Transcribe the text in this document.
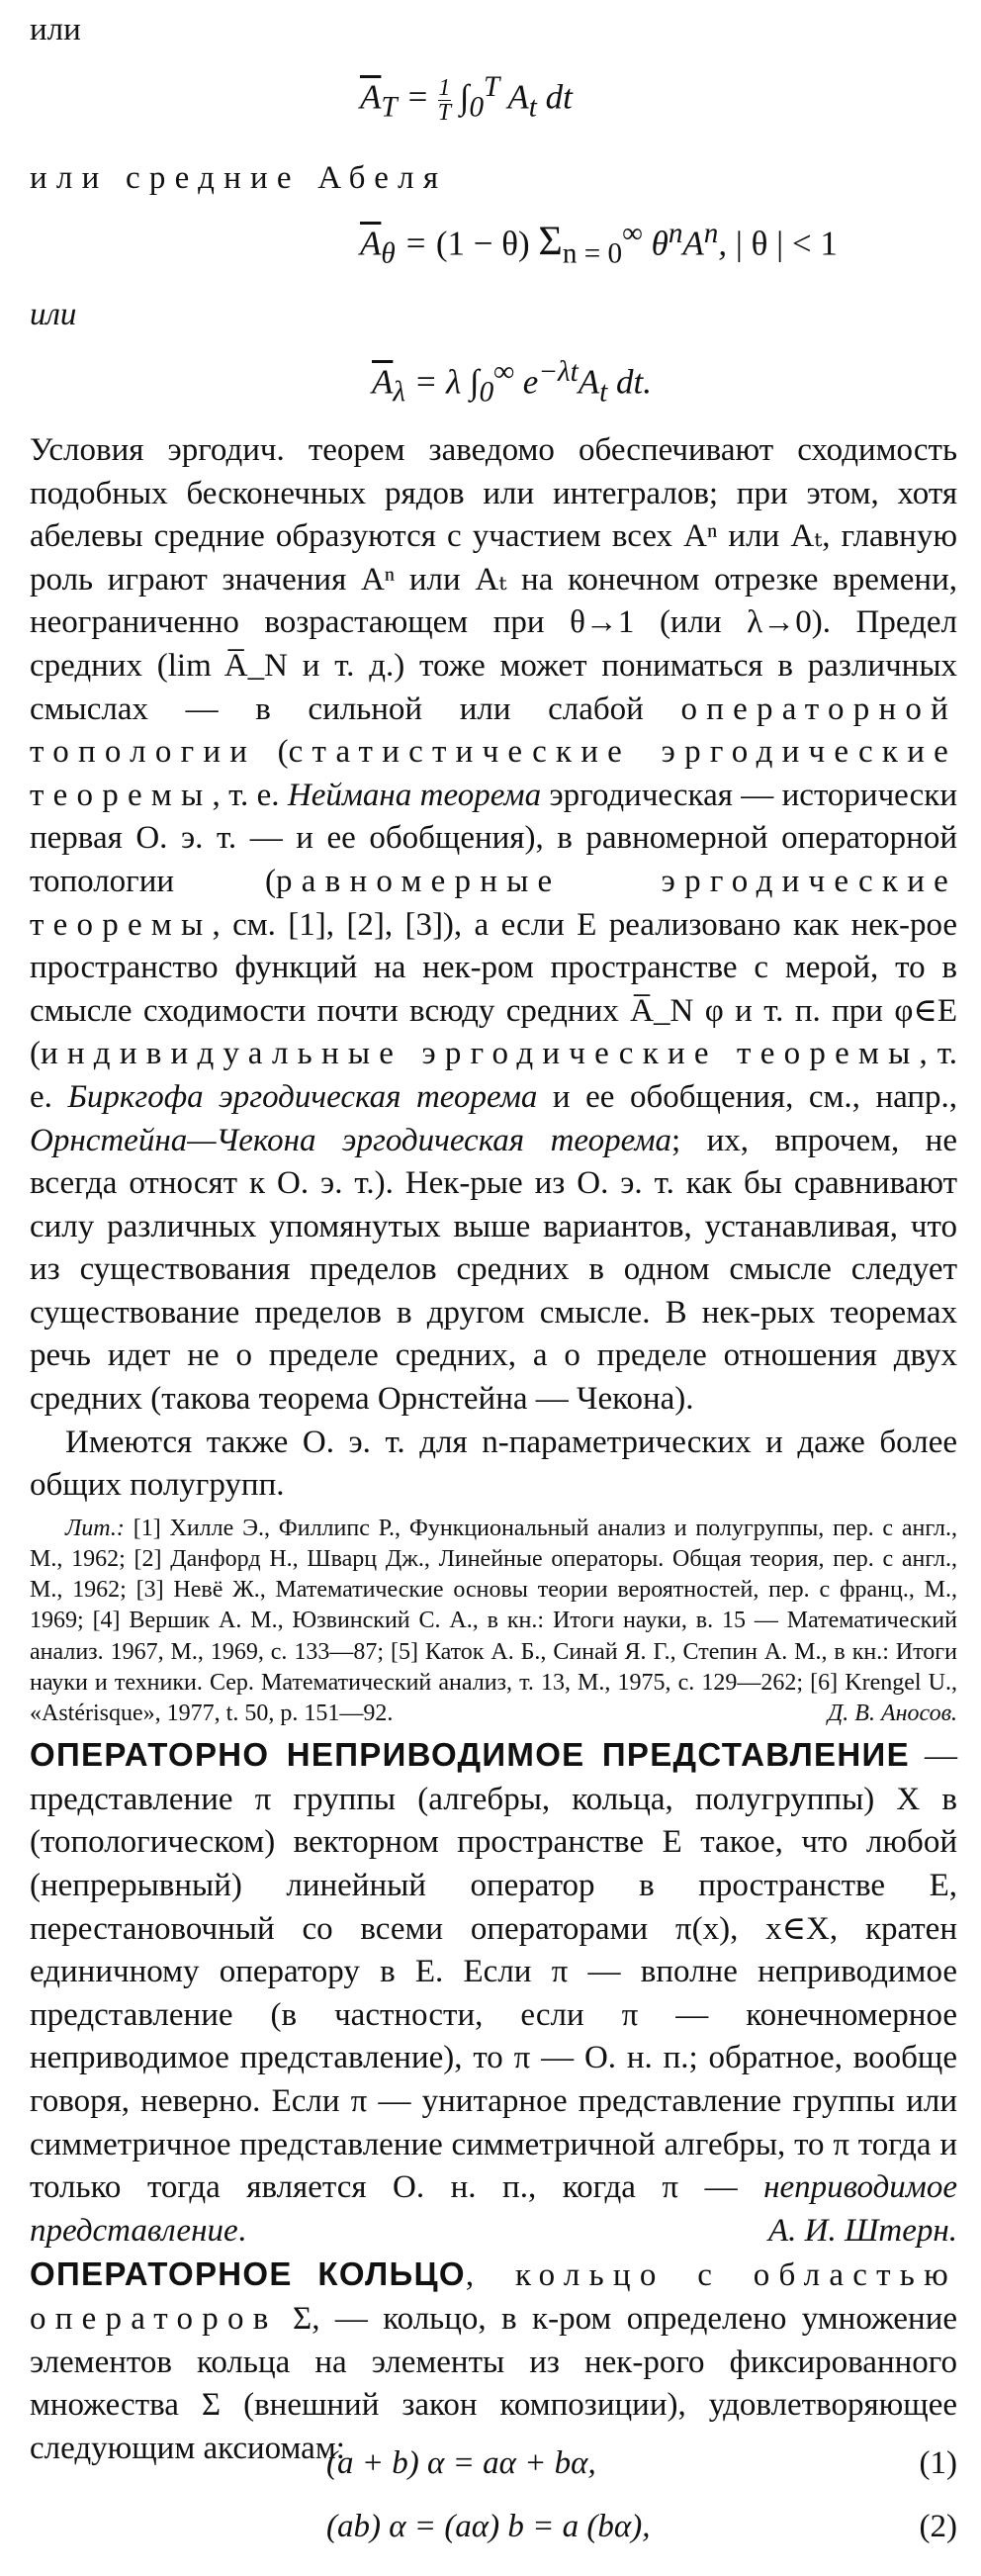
или
$\overline{A}_T = \frac{1}{T} \int_0^T$ $A_t$ dt
или средние Абеля
$\overline{A}_\theta = (1 - \theta)$ $\Sigma_{n = 0}^\infty$ $\theta^nA^n$, | θ | < 1
или
$\overline{A}_\lambda = \lambda$ $\int_0^\infty$ $e^{-\lambda t}A_t$ dt.

Условия эргодич. теорем заведомо обеспечивают сходимость подобных бесконечных рядов или интегралов; при этом, хотя абелевы средние образуются с участием всех Aⁿ или Aₜ, главную роль играют значения Aⁿ или Aₜ на конечном отрезке времени, неограниченно возрастающем при θ→1 (или λ→0). Предел средних (lim A̅_N и т. д.) тоже может пониматься в различных смыслах — в сильной или слабой операторной топологии (статистические эргодические теоремы, т. е. Неймана теорема эргодическая — исторически первая О. э. т. — и ее обобщения), в равномерной операторной топологии (равномерные эргодические теоремы, см. [1], [2], [3]), а если E реализовано как нек-рое пространство функций на нек-ром пространстве с мерой, то в смысле сходимости почти всюду средних A̅_N φ и т. п. при φ∈E (индивидуальные эргодические теоремы, т. е. Биркгофа эргодическая теорема и ее обобщения, см., напр., Орнстейна—Чекона эргодическая теорема; их, впрочем, не всегда относят к О. э. т.). Нек-рые из О. э. т. как бы сравнивают силу различных упомянутых выше вариантов, устанавливая, что из существования пределов средних в одном смысле следует существование пределов в другом смысле. В нек-рых теоремах речь идет не о пределе средних, а о пределе отношения двух средних (такова теорема Орнстейна — Чекона).

Имеются также О. э. т. для n-параметрических и даже более общих полугрупп.

Лит.: [1] Хилле Э., Филлипс Р., Функциональный анализ и полугруппы, пер. с англ., М., 1962; [2] Данфорд Н., Шварц Дж., Линейные операторы. Общая теория, пер. с англ., М., 1962; [3] Невё Ж., Математические основы теории вероятностей, пер. с франц., М., 1969; [4] Вершик А. М., Юзвинский С. А., в кн.: Итоги науки, в. 15 — Математический анализ. 1967, М., 1969, с. 133—87; [5] Каток А. Б., Синай Я. Г., Степин А. М., в кн.: Итоги науки и техники. Сер. Математический анализ, т. 13, М., 1975, с. 129—262; [6] Krengel U., «Astérisque», 1977, t. 50, p. 151—92.	Д. В. Аносов.

ОПЕРАТОРНО НЕПРИВОДИМОЕ ПРЕДСТАВЛЕНИЕ — представление π группы (алгебры, кольца, полугруппы) X в (топологическом) векторном пространстве E такое, что любой (непрерывный) линейный оператор в пространстве E, перестановочный со всеми операторами π(x), x∈X, кратен единичному оператору в E. Если π — вполне неприводимое представление (в частности, если π — конечномерное неприводимое представление), то π — О. н. п.; обратное, вообще говоря, неверно. Если π — унитарное представление группы или симметричное представление симметричной алгебры, то π тогда и только тогда является О. н. п., когда π — неприводимое представление.	А. И. Штерн.

ОПЕРАТОРНОЕ КОЛЬЦО, кольцо с областью операторов Σ, — кольцо, в к-ром определено умножение элементов кольца на элементы из нек-рого фиксированного множества Σ (внешний закон композиции), удовлетворяющее следующим аксиомам:

(a + b) α = aα + bα,	(1)
(ab) α = (aα) b = a (bα),	(2)
